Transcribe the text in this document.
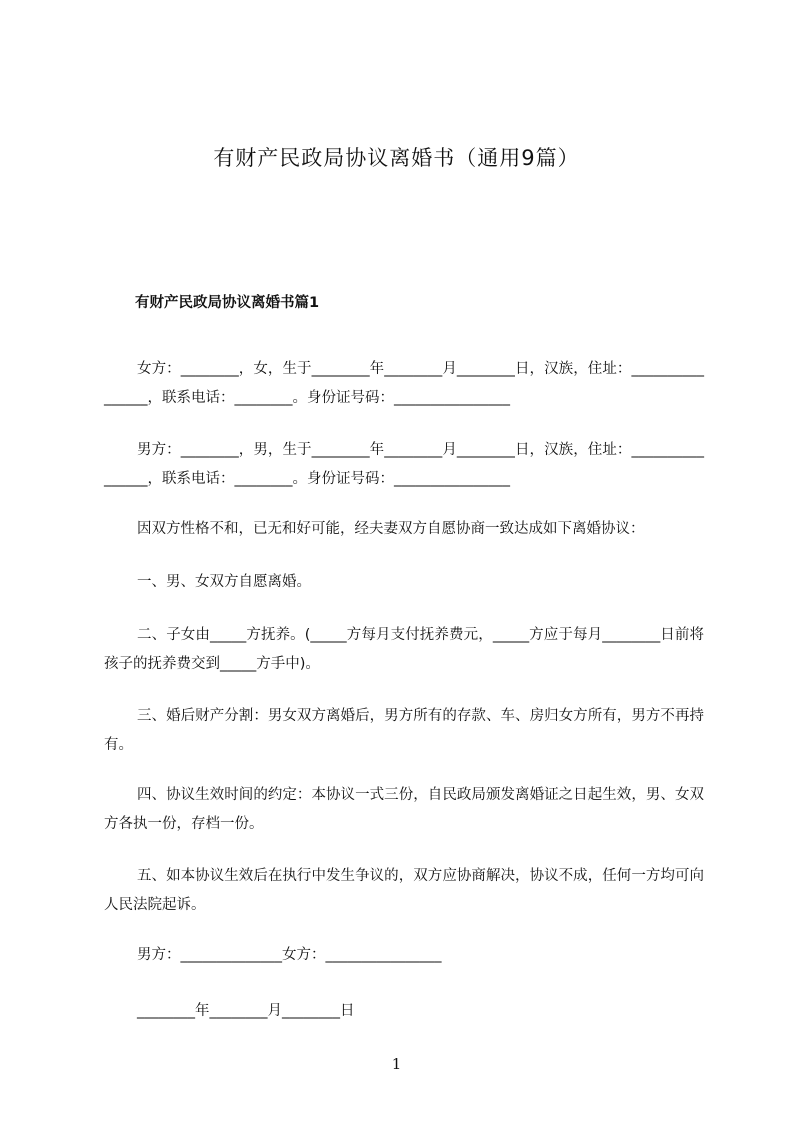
有财产民政局协议离婚书（通用9篇）
有财产民政局协议离婚书篇1

女方：________，女，生于________年________月________日，汉族，住址：________________，联系电话：________。身份证号码：________________

男方：________，男，生于________年________月________日，汉族，住址：________________，联系电话：________。身份证号码：________________

因双方性格不和，已无和好可能，经夫妻双方自愿协商一致达成如下离婚协议：

一、男、女双方自愿离婚。

二、子女由_____方抚养。(_____方每月支付抚养费元，_____方应于每月________日前将孩子的抚养费交到_____方手中)。

三、婚后财产分割：男女双方离婚后，男方所有的存款、车、房归女方所有，男方不再持有。

四、协议生效时间的约定：本协议一式三份，自民政局颁发离婚证之日起生效，男、女双方各执一份，存档一份。

五、如本协议生效后在执行中发生争议的，双方应协商解决，协议不成，任何一方均可向人民法院起诉。

男方：______________女方：________________

________年________月________日

1
